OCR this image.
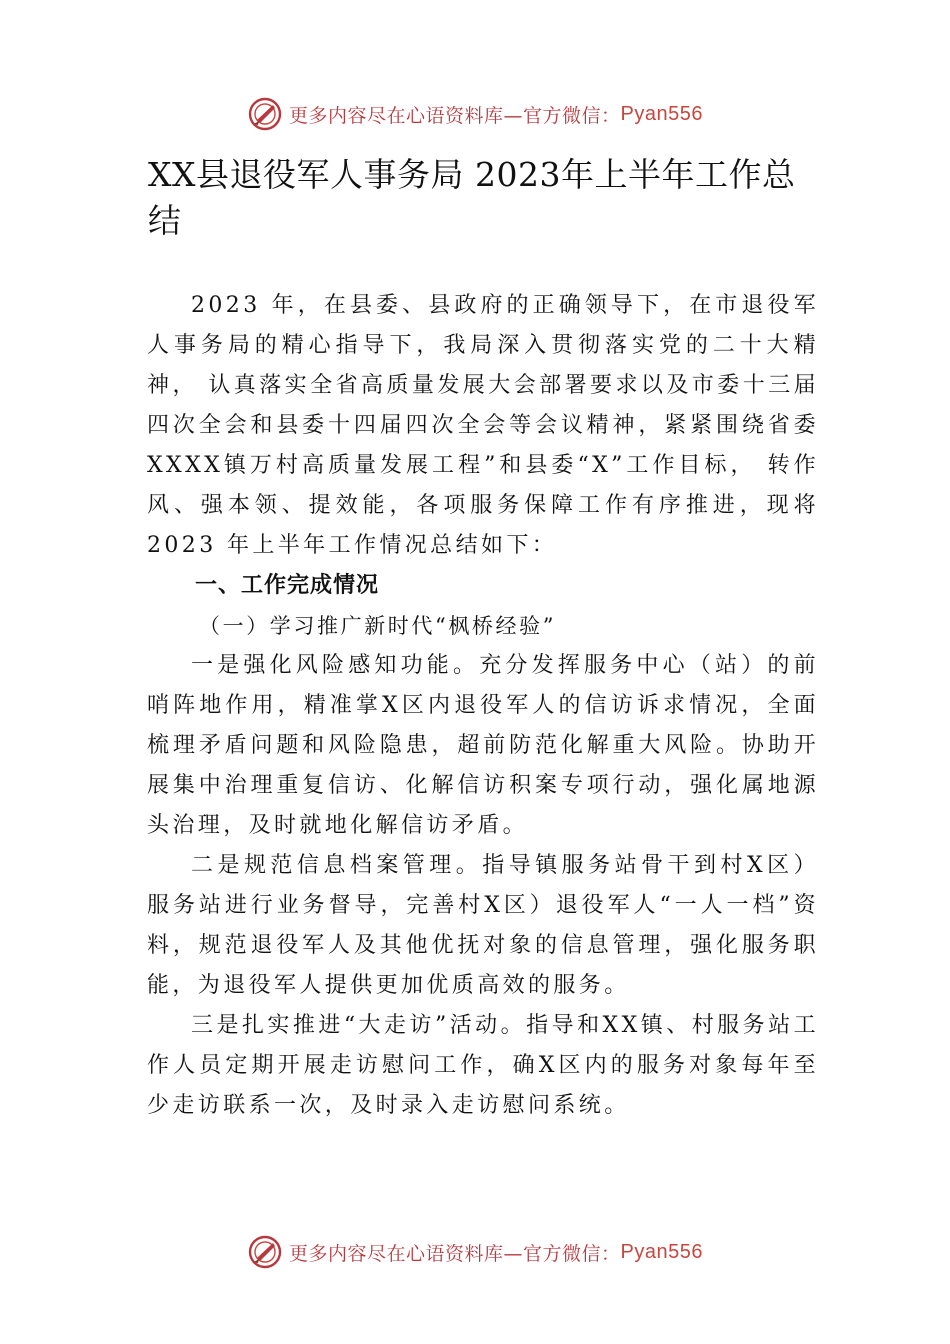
更多内容尽在心语资料库—官方微信： Pyan556
XX县退役军人事务局 2023年上半年工作总结

2023 年，在县委、县政府的正确领导下，在市退役军人事务局的精心指导下，我局深入贯彻落实党的二十大精神， 认真落实全省高质量发展大会部署要求以及市委十三届四次全会和县委十四届四次全会等会议精神，紧紧围绕省委 XXXX镇万村高质量发展工程”和县委“X”工作目标， 转作风、强本领、提效能，各项服务保障工作有序推进，现将 2023 年上半年工作情况总结如下：

一、工作完成情况
（一）学习推广新时代“枫桥经验”

一是强化风险感知功能。充分发挥服务中心（站）的前哨阵地作用，精准掌X区内退役军人的信访诉求情况，全面梳理矛盾问题和风险隐患，超前防范化解重大风险。协助开展集中治理重复信访、化解信访积案专项行动，强化属地源头治理，及时就地化解信访矛盾。

二是规范信息档案管理。指导镇服务站骨干到村X区）服务站进行业务督导，完善村X区）退役军人“一人一档”资料，规范退役军人及其他优抚对象的信息管理，强化服务职能，为退役军人提供更加优质高效的服务。

三是扎实推进“大走访”活动。指导和XX镇、村服务站工作人员定期开展走访慰问工作，确X区内的服务对象每年至少走访联系一次，及时录入走访慰问系统。

更多内容尽在心语资料库—官方微信： Pyan556
